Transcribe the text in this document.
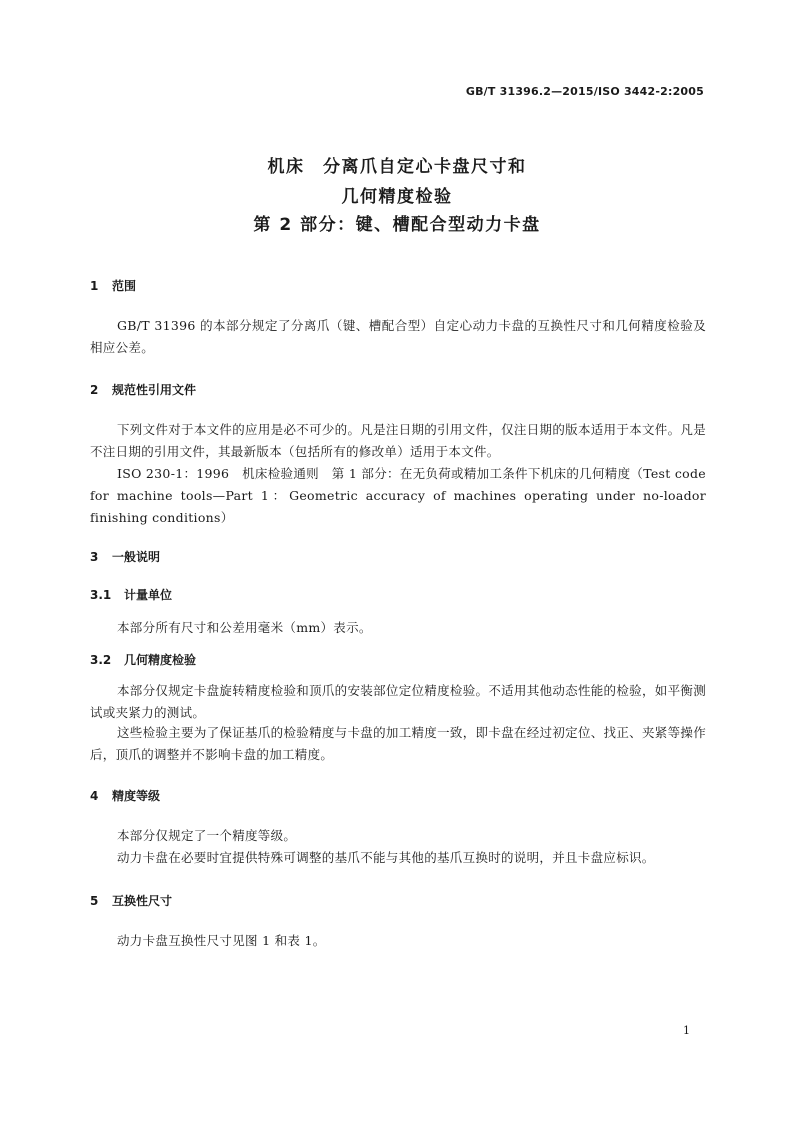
GB/T 31396.2—2015/ISO 3442-2:2005
机床　分离爪自定心卡盘尺寸和
几何精度检验
第 2 部分：键、槽配合型动力卡盘
1 范围
GB/T 31396 的本部分规定了分离爪（键、槽配合型）自定心动力卡盘的互换性尺寸和几何精度检验及相应公差。
2 规范性引用文件
下列文件对于本文件的应用是必不可少的。凡是注日期的引用文件，仅注日期的版本适用于本文件。凡是不注日期的引用文件，其最新版本（包括所有的修改单）适用于本文件。
ISO 230-1：1996　机床检验通则　第 1 部分：在无负荷或精加工条件下机床的几何精度（Test code for machine tools—Part 1：Geometric accuracy of machines operating under no-loador finishing conditions）
3 一般说明
3.1 计量单位
本部分所有尺寸和公差用毫米（mm）表示。
3.2 几何精度检验
本部分仅规定卡盘旋转精度检验和顶爪的安装部位定位精度检验。不适用其他动态性能的检验，如平衡测试或夹紧力的测试。
这些检验主要为了保证基爪的检验精度与卡盘的加工精度一致，即卡盘在经过初定位、找正、夹紧等操作后，顶爪的调整并不影响卡盘的加工精度。
4 精度等级
本部分仅规定了一个精度等级。
动力卡盘在必要时宜提供特殊可调整的基爪不能与其他的基爪互换时的说明，并且卡盘应标识。
5 互换性尺寸
动力卡盘互换性尺寸见图 1 和表 1。
1
